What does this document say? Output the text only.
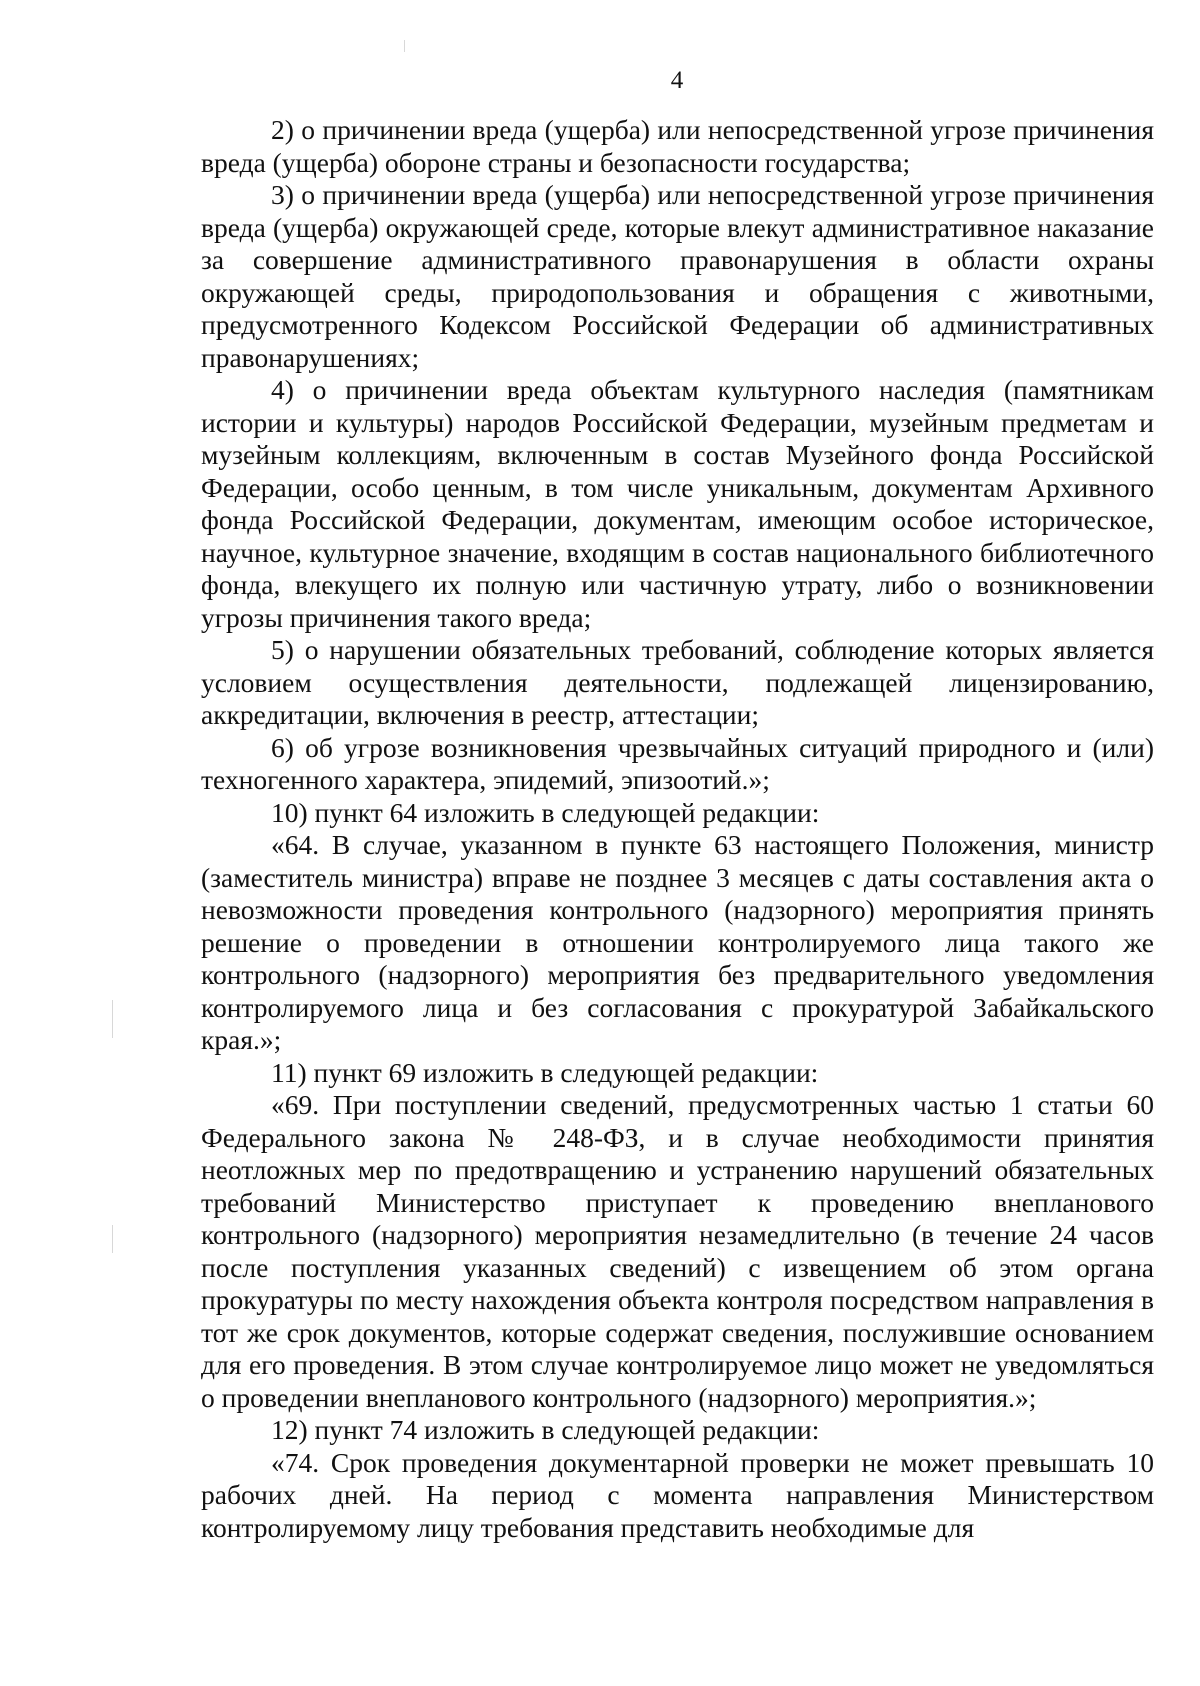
4

2) о причинении вреда (ущерба) или непосредственной угрозе причинения вреда (ущерба) обороне страны и безопасности государства;

3) о причинении вреда (ущерба) или непосредственной угрозе причинения вреда (ущерба) окружающей среде, которые влекут административное наказание за совершение административного правонарушения в области охраны окружающей среды, природопользования и обращения с животными, предусмотренного Кодексом Российской Федерации об административных правонарушениях;

4) о причинении вреда объектам культурного наследия (памятникам истории и культуры) народов Российской Федерации, музейным предметам и музейным коллекциям, включенным в состав Музейного фонда Российской Федерации, особо ценным, в том числе уникальным, документам Архивного фонда Российской Федерации, документам, имеющим особое историческое, научное, культурное значение, входящим в состав национального библиотечного фонда, влекущего их полную или частичную утрату, либо о возникновении угрозы причинения такого вреда;

5) о нарушении обязательных требований, соблюдение которых является условием осуществления деятельности, подлежащей лицензированию, аккредитации, включения в реестр, аттестации;

6) об угрозе возникновения чрезвычайных ситуаций природного и (или) техногенного характера, эпидемий, эпизоотий.»;

10) пункт 64 изложить в следующей редакции:

«64. В случае, указанном в пункте 63 настоящего Положения, министр (заместитель министра) вправе не позднее 3 месяцев с даты составления акта о невозможности проведения контрольного (надзорного) мероприятия принять решение о проведении в отношении контролируемого лица такого же контрольного (надзорного) мероприятия без предварительного уведомления контролируемого лица и без согласования с прокуратурой Забайкальского края.»;

11) пункт 69 изложить в следующей редакции:

«69. При поступлении сведений, предусмотренных частью 1 статьи 60 Федерального закона № 248-ФЗ, и в случае необходимости принятия неотложных мер по предотвращению и устранению нарушений обязательных требований Министерство приступает к проведению внепланового контрольного (надзорного) мероприятия незамедлительно (в течение 24 часов после поступления указанных сведений) с извещением об этом органа прокуратуры по месту нахождения объекта контроля посредством направления в тот же срок документов, которые содержат сведения, послужившие основанием для его проведения. В этом случае контролируемое лицо может не уведомляться о проведении внепланового контрольного (надзорного) мероприятия.»;

12) пункт 74 изложить в следующей редакции:

«74. Срок проведения документарной проверки не может превышать 10 рабочих дней. На период с момента направления Министерством контролируемому лицу требования представить необходимые для
